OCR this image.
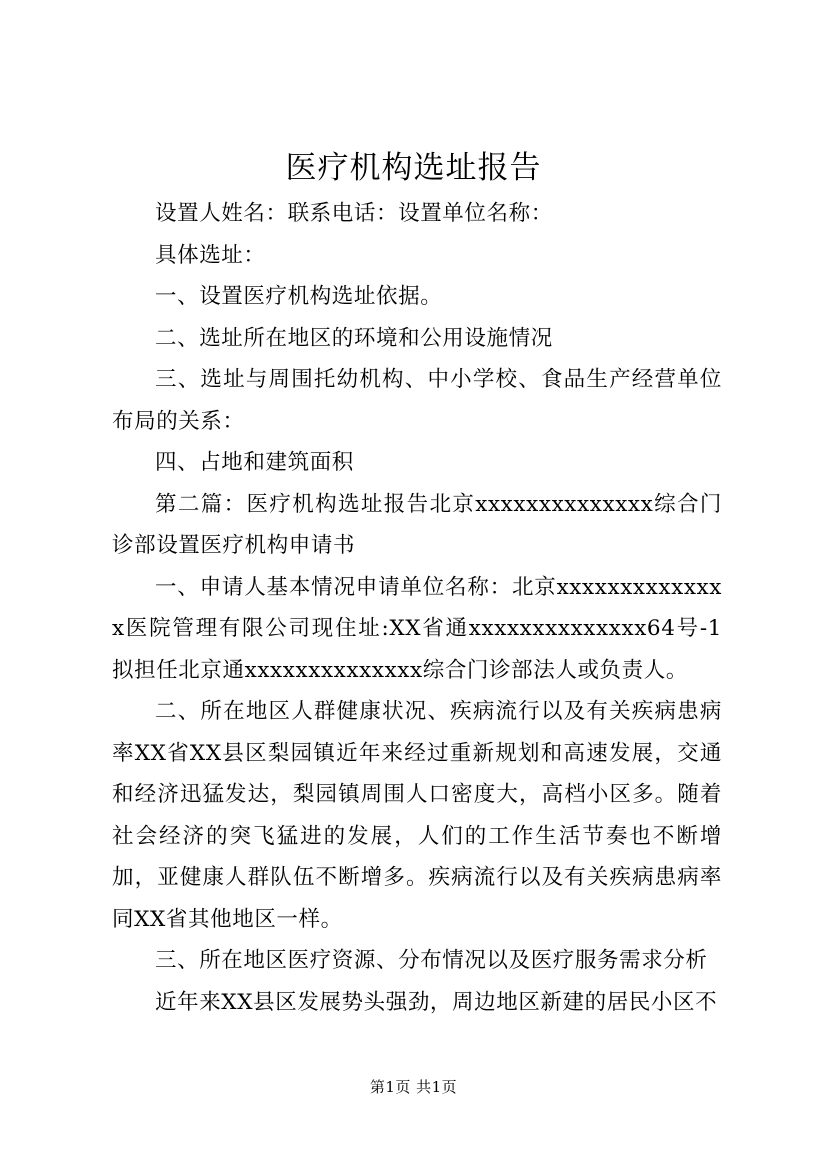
医疗机构选址报告

设置人姓名：联系电话：设置单位名称：

具体选址：

一、设置医疗机构选址依据。

二、选址所在地区的环境和公用设施情况

三、选址与周围托幼机构、中小学校、食品生产经营单位布局的关系：

四、占地和建筑面积

第二篇：医疗机构选址报告北京xxxxxxxxxxxxxx综合门诊部设置医疗机构申请书

一、申请人基本情况申请单位名称：北京xxxxxxxxxxxxxx医院管理有限公司现住址:XX省通xxxxxxxxxxxxxx64号-1拟担任北京通xxxxxxxxxxxxxx综合门诊部法人或负责人。

二、所在地区人群健康状况、疾病流行以及有关疾病患病率XX省XX县区梨园镇近年来经过重新规划和高速发展，交通和经济迅猛发达，梨园镇周围人口密度大，高档小区多。随着社会经济的突飞猛进的发展，人们的工作生活节奏也不断增加，亚健康人群队伍不断增多。疾病流行以及有关疾病患病率同XX省其他地区一样。

三、所在地区医疗资源、分布情况以及医疗服务需求分析

近年来XX县区发展势头强劲，周边地区新建的居民小区不

第1页 共1页
